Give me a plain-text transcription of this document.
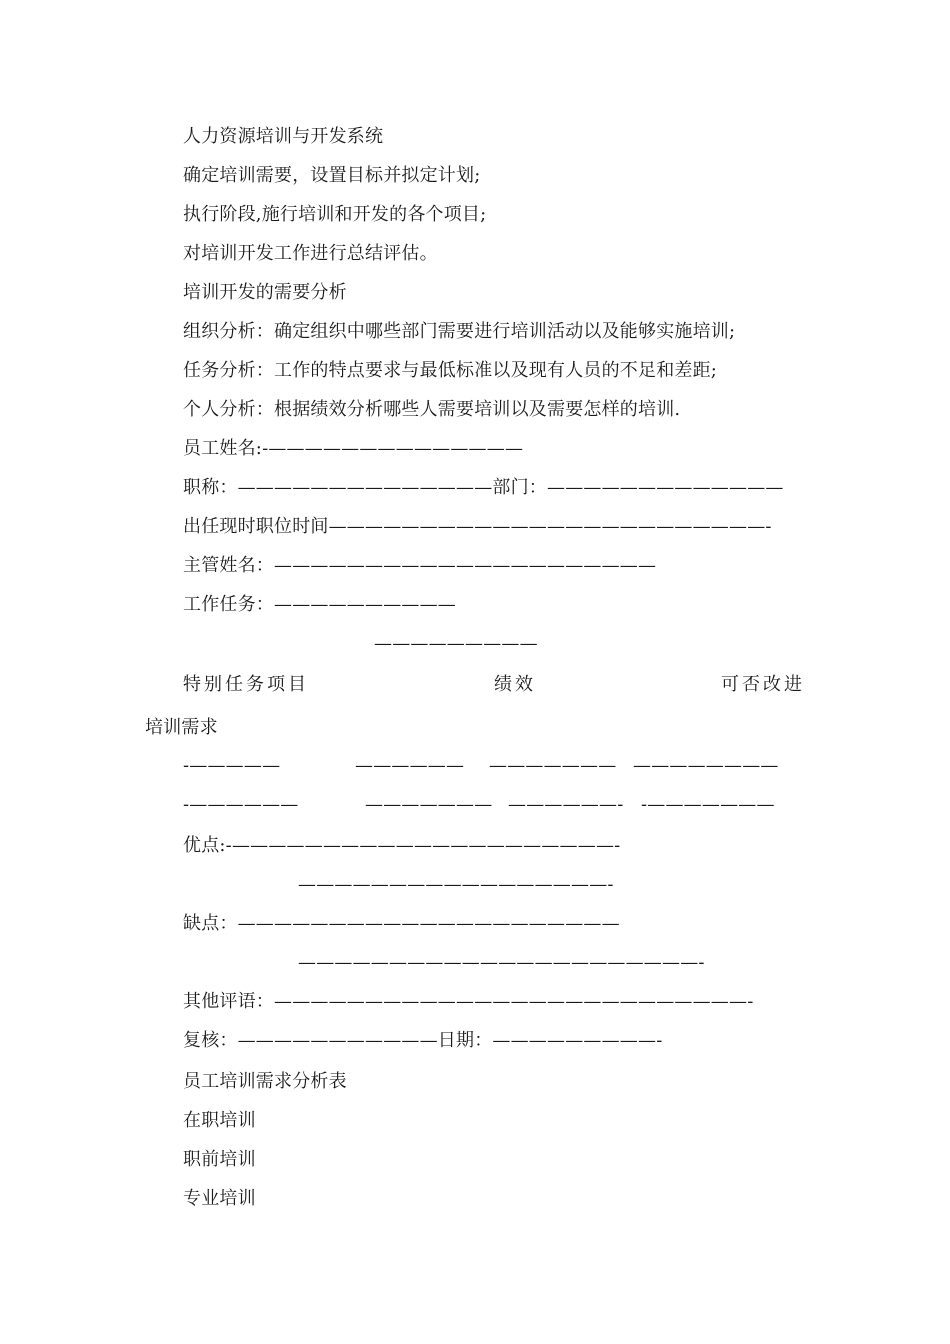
人力资源培训与开发系统
确定培训需要，设置目标并拟定计划;
执行阶段,施行培训和开发的各个项目;
对培训开发工作进行总结评估。
培训开发的需要分析
组织分析：确定组织中哪些部门需要进行培训活动以及能够实施培训;
任务分析：工作的特点要求与最低标准以及现有人员的不足和差距;
个人分析：根据绩效分析哪些人需要培训以及需要怎样的培训.
员工姓名:-——————————————
职称：——————————————部门：—————————————
出任现时职位时间————————————————————————-
主管姓名：—————————————————————
工作任务：——————————
—————————
特别任务项目	绩效	可否改进
培训需求
-—————	—————— ——————— ————————
-——————	——————— ——————- -———————
优点:-—————————————————————-
—————————————————-
缺点：—————————————————————
——————————————————————-
其他评语：——————————————————————————-
复核：———————————日期：—————————-
员工培训需求分析表
在职培训
职前培训
专业培训
